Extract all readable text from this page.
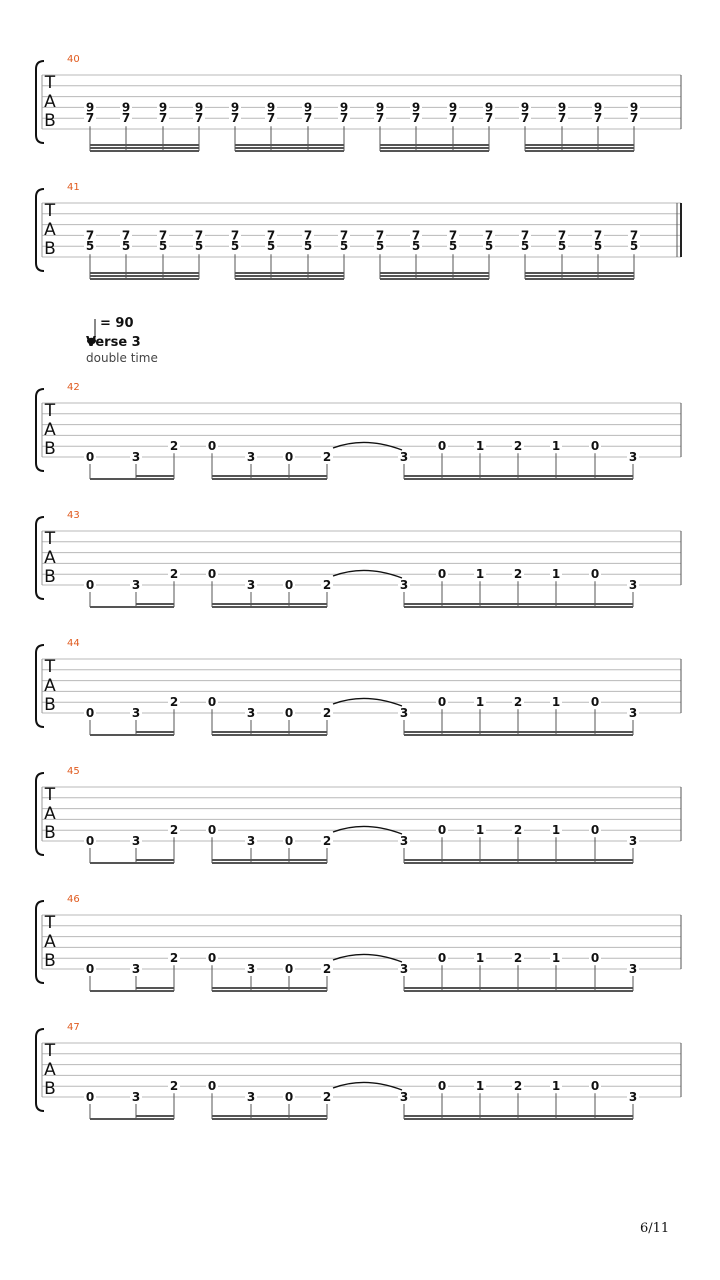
40
T
A
B
9
7
9
7
9
7
9
7
9
7
9
7
9
7
9
7
9
7
9
7
9
7
9
7
9
7
9
7
9
7
9
7
41
T
A
B
7
5
7
5
7
5
7
5
7
5
7
5
7
5
7
5
7
5
7
5
7
5
7
5
7
5
7
5
7
5
7
5
42
T
A
B 0	3
2 0
3 0 2	3
0 1 2 1	0
3
43
T
A
B 0	3
2 0
3 0 2	3
0 1 2 1	0
3
44
T
A
B 0	3
2 0
3 0 2	3
0 1 2 1	0
3
45
T
A
B 0	3
2 0
3 0 2	3
0 1 2 1	0
3
46
T
A
B 0	3
2 0
3 0 2	3
0 1 2 1	0
3
47
T
A
B 0	3
2 0
3 0 2	3
0 1 2 1	0
3
= 90
Verse 3
double time
6/11
